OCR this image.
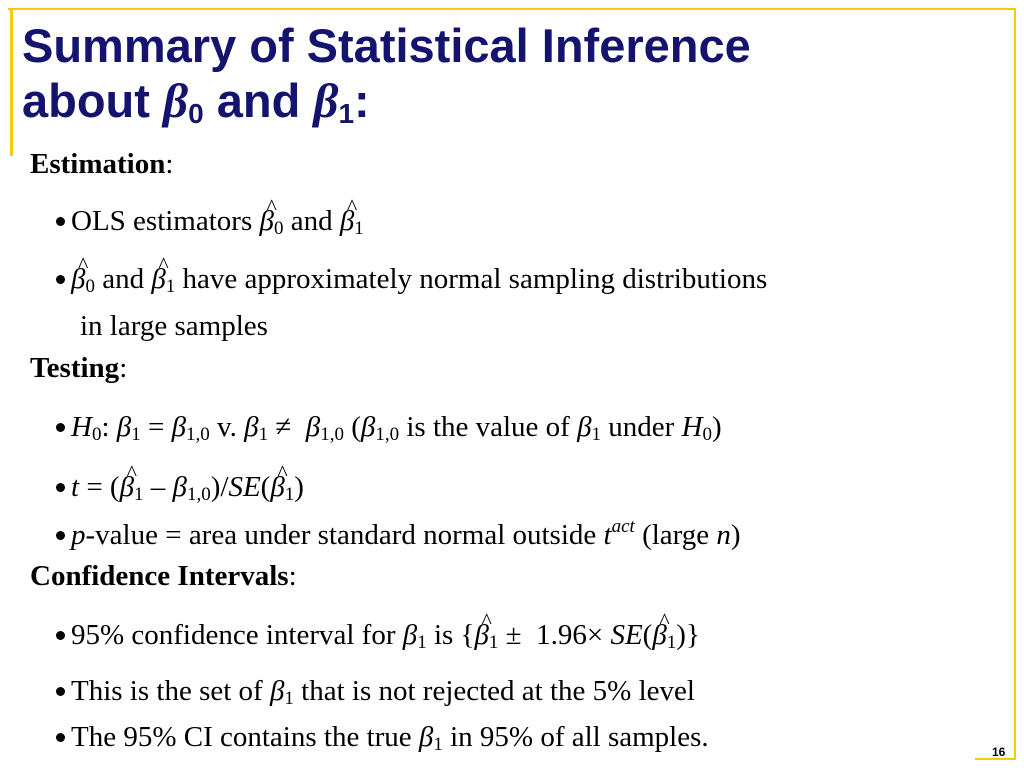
Summary of Statistical Inference
about $\beta_0$ and $\beta_1$:
Estimation:
OLS estimators ^ $\beta_0$ and ^ $\beta_1$
^ $\beta_0$ and ^ $\beta_1$ have approximately normal sampling distributions
in large samples
Testing:
$H_0$: $\beta_1 = \beta_{1,0}$ v. $\beta_1 \ne \beta_{1,0}$ ($\beta_{1,0}$ is the value of $\beta_1$ under $H_0$)
t = (^ $\beta_1$ – $\beta_{1,0})/SE(\^{}$ $\beta_1$)
p-value = area under standard normal outside $t^{act}$ (large n)
Confidence Intervals:
95% confidence interval for $\beta_1$ is {^ $\beta_1 \pm 1.96\times$ SE(^ $\beta_1$)}
This is the set of $\beta_1$ that is not rejected at the 5% level
The 95% CI contains the true $\beta_1$ in 95% of all samples.	16
